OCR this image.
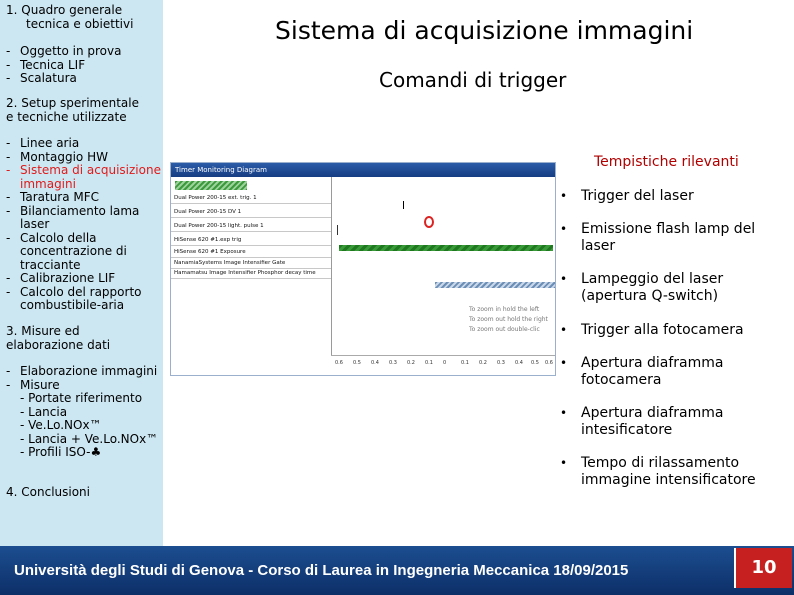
1. Quadro generale
tecnica e obiettivi
- Oggetto in prova
- Tecnica LIF
- Scalatura
2. Setup sperimentale
e tecniche utilizzate
- Linee aria
- Montaggio HW
- Sistema di acquisizione immagini
- Taratura MFC
- Bilanciamento lama laser
- Calcolo della concentrazione di tracciante
- Calibrazione LIF
- Calcolo del rapporto combustibile-aria
3. Misure ed
elaborazione dati
- Elaborazione immagini
- Misure
- Portate riferimento
- Lancia
- Ve.Lo.NOx™
- Lancia + Ve.Lo.NOx™
- Profili ISO-♣
4. Conclusioni
Sistema di acquisizione immagini
Comandi di trigger
Timer Monitoring Diagram
Dual Power 200-15 ext. trig. 1
Dual Power 200-15 DV 1
Dual Power 200-15 light. pulse 1
HiSense 620 #1.exp trig
HiSense 620 #1 Exposure
NanamiaSystems Image Intensifier Gate
Hamamatsu Image Intensifier Phosphor decay time
To zoom in hold the left
To zoom out hold the right
To zoom out double-clic
0.6 0.5 0.4 0.3 0.2 0.1 0	0.1 0.2 0.3 0.4 0.5 0.6
Tempistiche rilevanti
• Trigger del laser
• Emissione flash lamp del laser
• Lampeggio del laser (apertura Q-switch)
• Trigger alla fotocamera
• Apertura diaframma fotocamera
• Apertura diaframma intesificatore
• Tempo di rilassamento immagine intensificatore
Università degli Studi di Genova - Corso di Laurea in Ingegneria Meccanica 18/09/2015	10
